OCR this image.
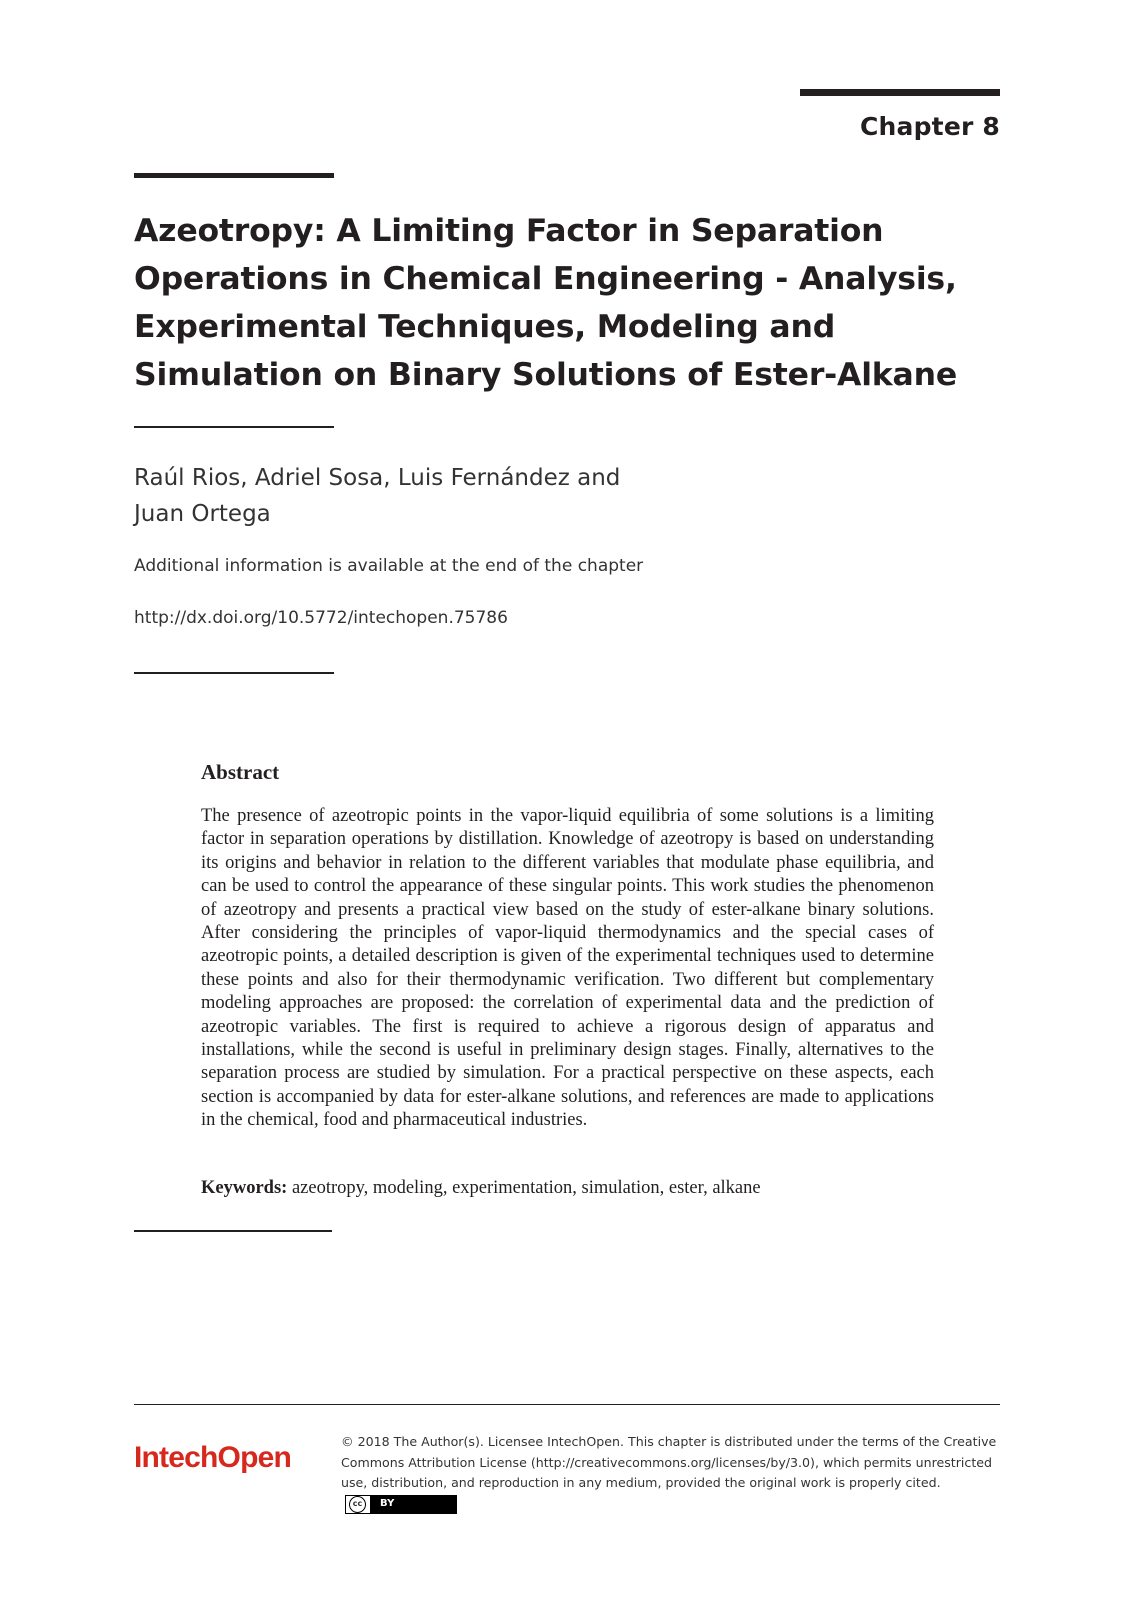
Chapter 8
Azeotropy: A Limiting Factor in Separation Operations in Chemical Engineering - Analysis, Experimental Techniques, Modeling and Simulation on Binary Solutions of Ester-Alkane
Raúl Rios, Adriel Sosa, Luis Fernández and
Juan Ortega
Additional information is available at the end of the chapter
http://dx.doi.org/10.5772/intechopen.75786
Abstract

The presence of azeotropic points in the vapor-liquid equilibria of some solutions is a limiting factor in separation operations by distillation. Knowledge of azeotropy is based on understanding its origins and behavior in relation to the different variables that modulate phase equilibria, and can be used to control the appearance of these singular points. This work studies the phenomenon of azeotropy and presents a practical view based on the study of ester-alkane binary solutions. After considering the principles of vapor-liquid thermodynamics and the special cases of azeotropic points, a detailed description is given of the experimental techniques used to determine these points and also for their thermodynamic verification. Two different but complementary modeling approaches are proposed: the correlation of experimental data and the prediction of azeotropic variables. The first is required to achieve a rigorous design of apparatus and installations, while the second is useful in preliminary design stages. Finally, alternatives to the separation process are studied by simulation. For a practical perspective on these aspects, each section is accompanied by data for ester-alkane solutions, and references are made to applications in the chemical, food and pharmaceutical industries.

Keywords: azeotropy, modeling, experimentation, simulation, ester, alkane
IntechOpen	© 2018 The Author(s). Licensee IntechOpen. This chapter is distributed under the terms of the Creative Commons Attribution License (http://creativecommons.org/licenses/by/3.0), which permits unrestricted use, distribution, and reproduction in any medium, provided the original work is properly cited.
cc	BY
